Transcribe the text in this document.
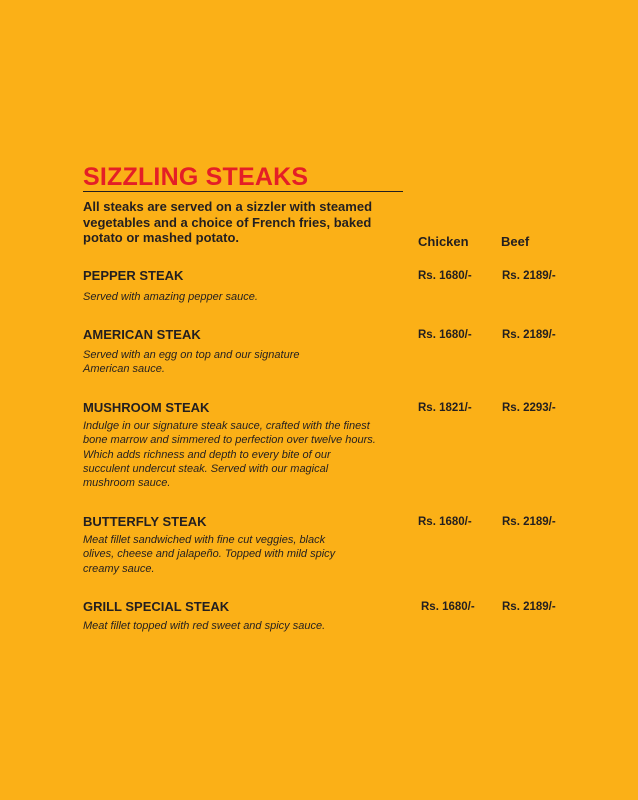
SIZZLING STEAKS
All steaks are served on a sizzler with steamed vegetables and a choice of French fries, baked potato or mashed potato.	Chicken Beef
PEPPER STEAK	Rs. 1680/-	Rs. 2189/-
Served with amazing pepper sauce.
AMERICAN STEAK	Rs. 1680/-	Rs. 2189/-
Served with an egg on top and our signature American sauce.
MUSHROOM STEAK	Rs. 1821/-	Rs. 2293/-
Indulge in our signature steak sauce, crafted with the finest bone marrow and simmered to perfection over twelve hours. Which adds richness and depth to every bite of our succulent undercut steak. Served with our magical mushroom sauce.
BUTTERFLY STEAK	Rs. 1680/-	Rs. 2189/-
Meat fillet sandwiched with fine cut veggies, black olives, cheese and jalapeño. Topped with mild spicy creamy sauce.
GRILL SPECIAL STEAK	Rs. 1680/- Rs. 2189/-
Meat fillet topped with red sweet and spicy sauce.
